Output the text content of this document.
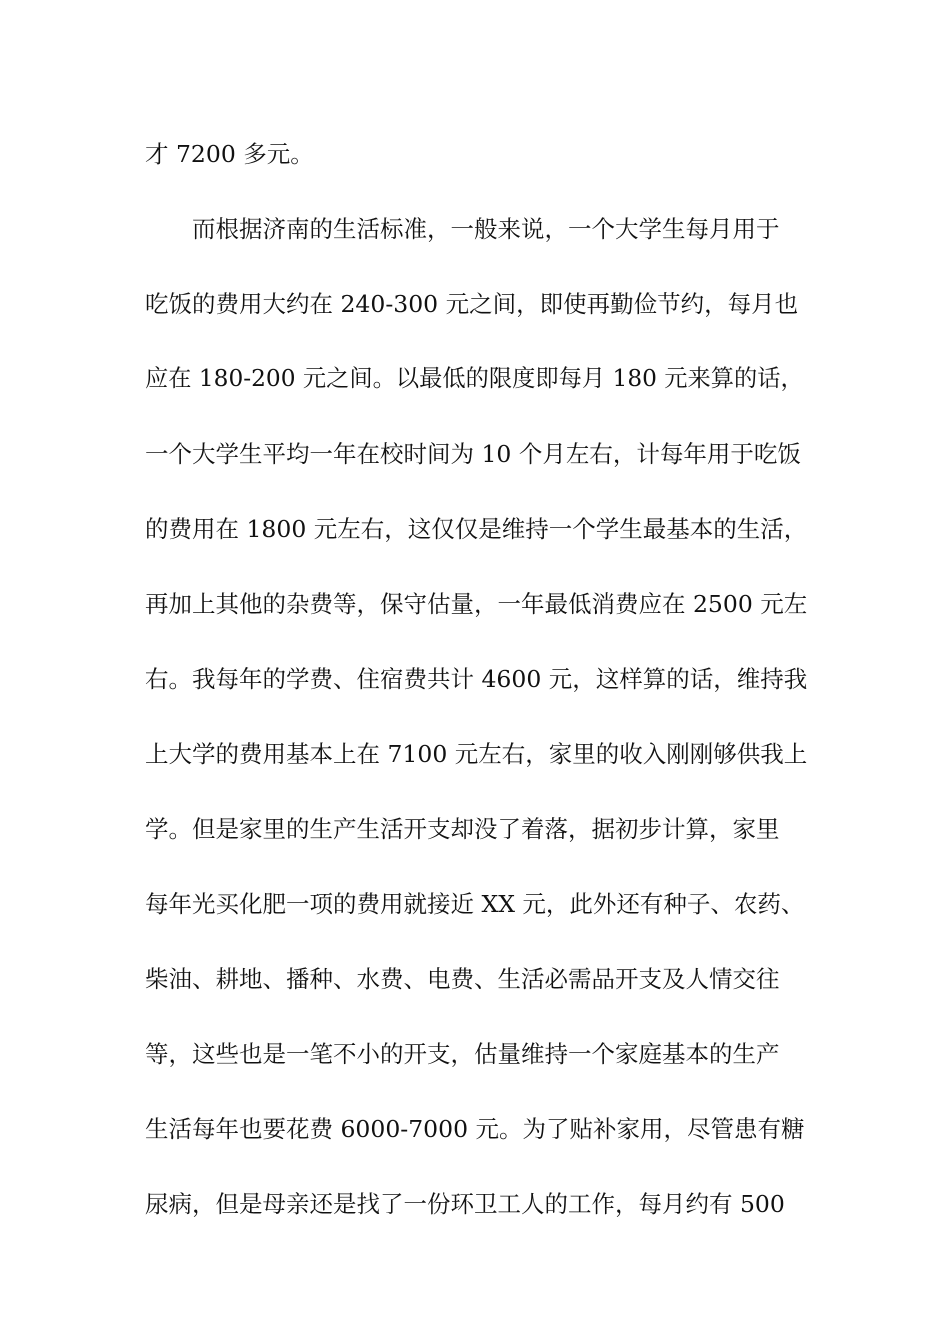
才 7200 多元。
　　而根据济南的生活标准，一般来说，一个大学生每月用于
吃饭的费用大约在 240-300 元之间，即使再勤俭节约，每月也
应在 180-200 元之间。以最低的限度即每月 180 元来算的话，
一个大学生平均一年在校时间为 10 个月左右，计每年用于吃饭
的费用在 1800 元左右，这仅仅是维持一个学生最基本的生活，
再加上其他的杂费等，保守估量，一年最低消费应在 2500 元左
右。我每年的学费、住宿费共计 4600 元，这样算的话，维持我
上大学的费用基本上在 7100 元左右，家里的收入刚刚够供我上
学。但是家里的生产生活开支却没了着落，据初步计算，家里
每年光买化肥一项的费用就接近 XX 元，此外还有种子、农药、
柴油、耕地、播种、水费、电费、生活必需品开支及人情交往
等，这些也是一笔不小的开支，估量维持一个家庭基本的生产
生活每年也要花费 6000-7000 元。为了贴补家用，尽管患有糖
尿病，但是母亲还是找了一份环卫工人的工作，每月约有 500
